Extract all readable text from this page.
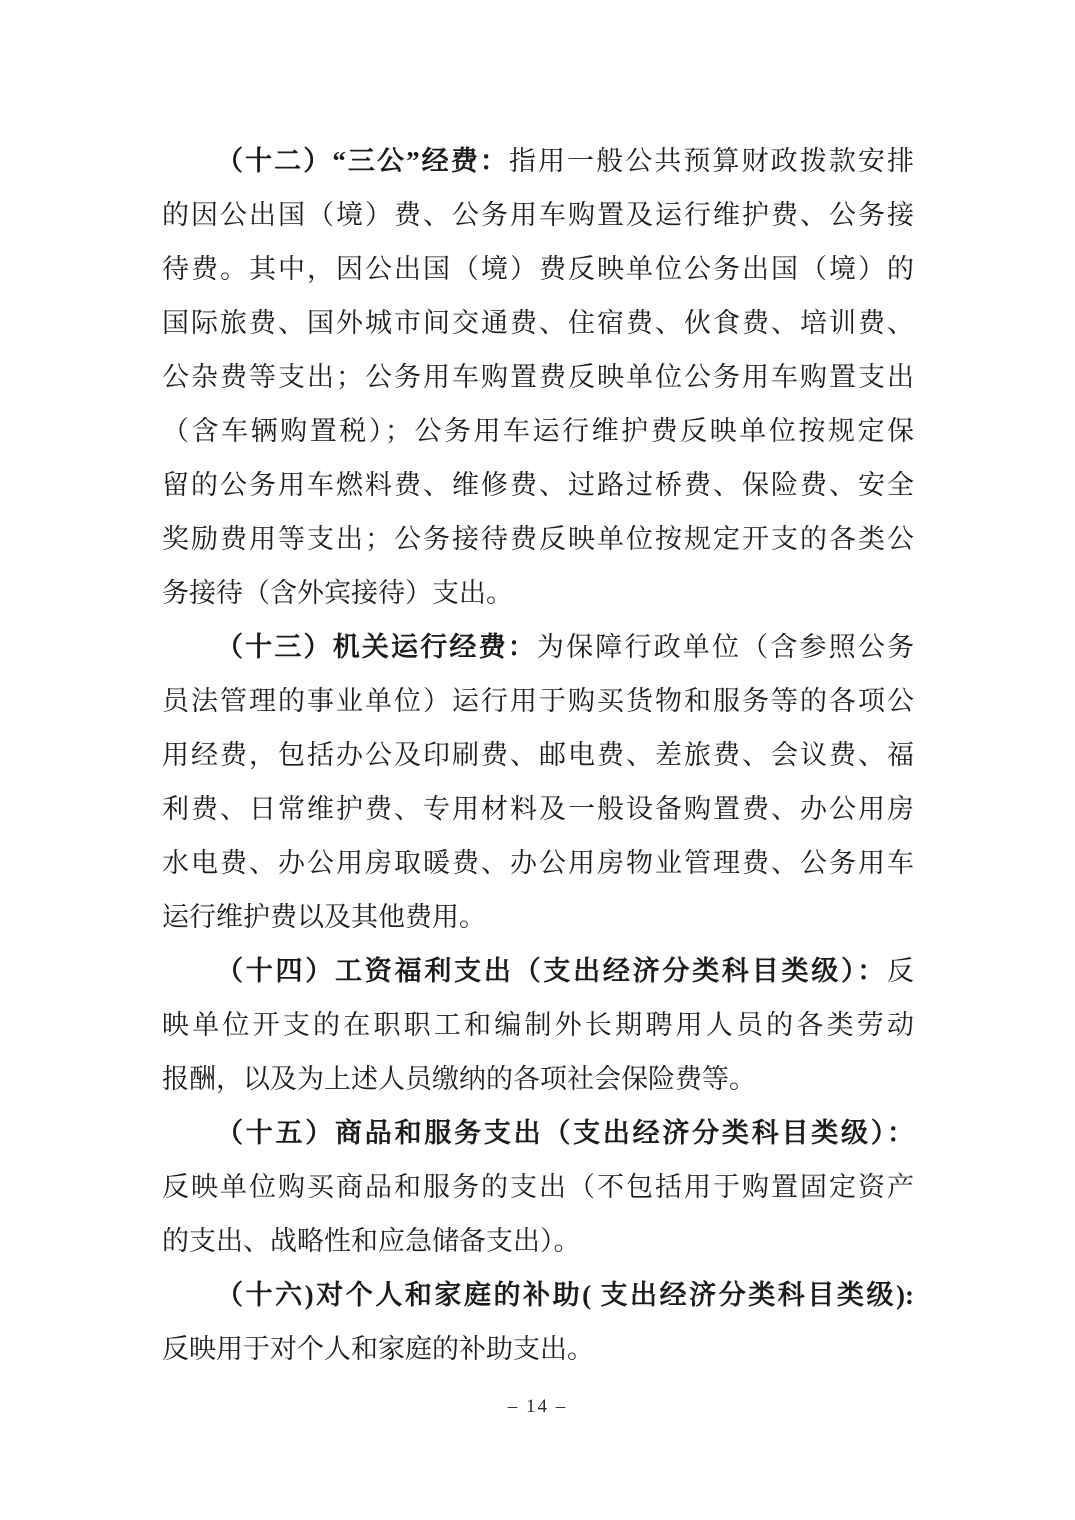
（十二）“三公”经费：指用一般公共预算财政拨款安排
的因公出国（境）费、公务用车购置及运行维护费、公务接
待费。其中，因公出国（境）费反映单位公务出国（境）的
国际旅费、国外城市间交通费、住宿费、伙食费、培训费、
公杂费等支出；公务用车购置费反映单位公务用车购置支出
（含车辆购置税）；公务用车运行维护费反映单位按规定保
留的公务用车燃料费、维修费、过路过桥费、保险费、安全
奖励费用等支出；公务接待费反映单位按规定开支的各类公
务接待（含外宾接待）支出。
（十三）机关运行经费：为保障行政单位（含参照公务
员法管理的事业单位）运行用于购买货物和服务等的各项公
用经费，包括办公及印刷费、邮电费、差旅费、会议费、福
利费、日常维护费、专用材料及一般设备购置费、办公用房
水电费、办公用房取暖费、办公用房物业管理费、公务用车
运行维护费以及其他费用。
（十四）工资福利支出（支出经济分类科目类级）：反
映单位开支的在职职工和编制外长期聘用人员的各类劳动
报酬，以及为上述人员缴纳的各项社会保险费等。
（十五）商品和服务支出（支出经济分类科目类级）：
反映单位购买商品和服务的支出（不包括用于购置固定资产
的支出、战略性和应急储备支出）。
（十六)对个人和家庭的补助( 支出经济分类科目类级):
反映用于对个人和家庭的补助支出。
– 14 –
